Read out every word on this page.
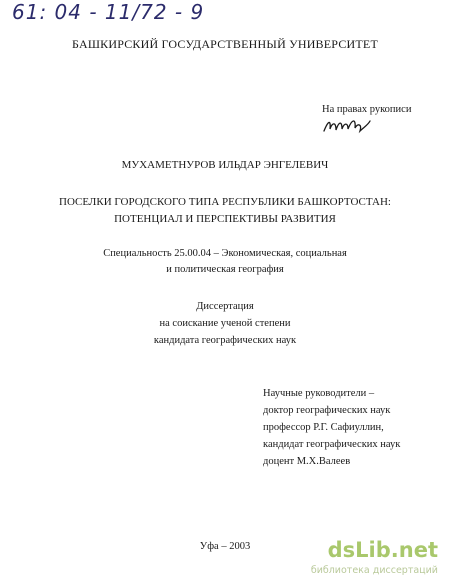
61: 04 - 11/72 - 9
БАШКИРСКИЙ ГОСУДАРСТВЕННЫЙ УНИВЕРСИТЕТ
На правах рукописи
МУХАМЕТНУРОВ ИЛЬДАР ЭНГЕЛЕВИЧ
ПОСЕЛКИ ГОРОДСКОГО ТИПА РЕСПУБЛИКИ БАШКОРТОСТАН:
ПОТЕНЦИАЛ И ПЕРСПЕКТИВЫ РАЗВИТИЯ
Специальность 25.00.04 – Экономическая, социальная
и политическая география
Диссертация
на соискание ученой степени
кандидата географических наук
Научные руководители –
доктор географических наук
профессор Р.Г. Сафиуллин,
кандидат географических наук
доцент М.Х.Валеев
Уфа – 2003	dsLib.net
библиотека диссертаций
